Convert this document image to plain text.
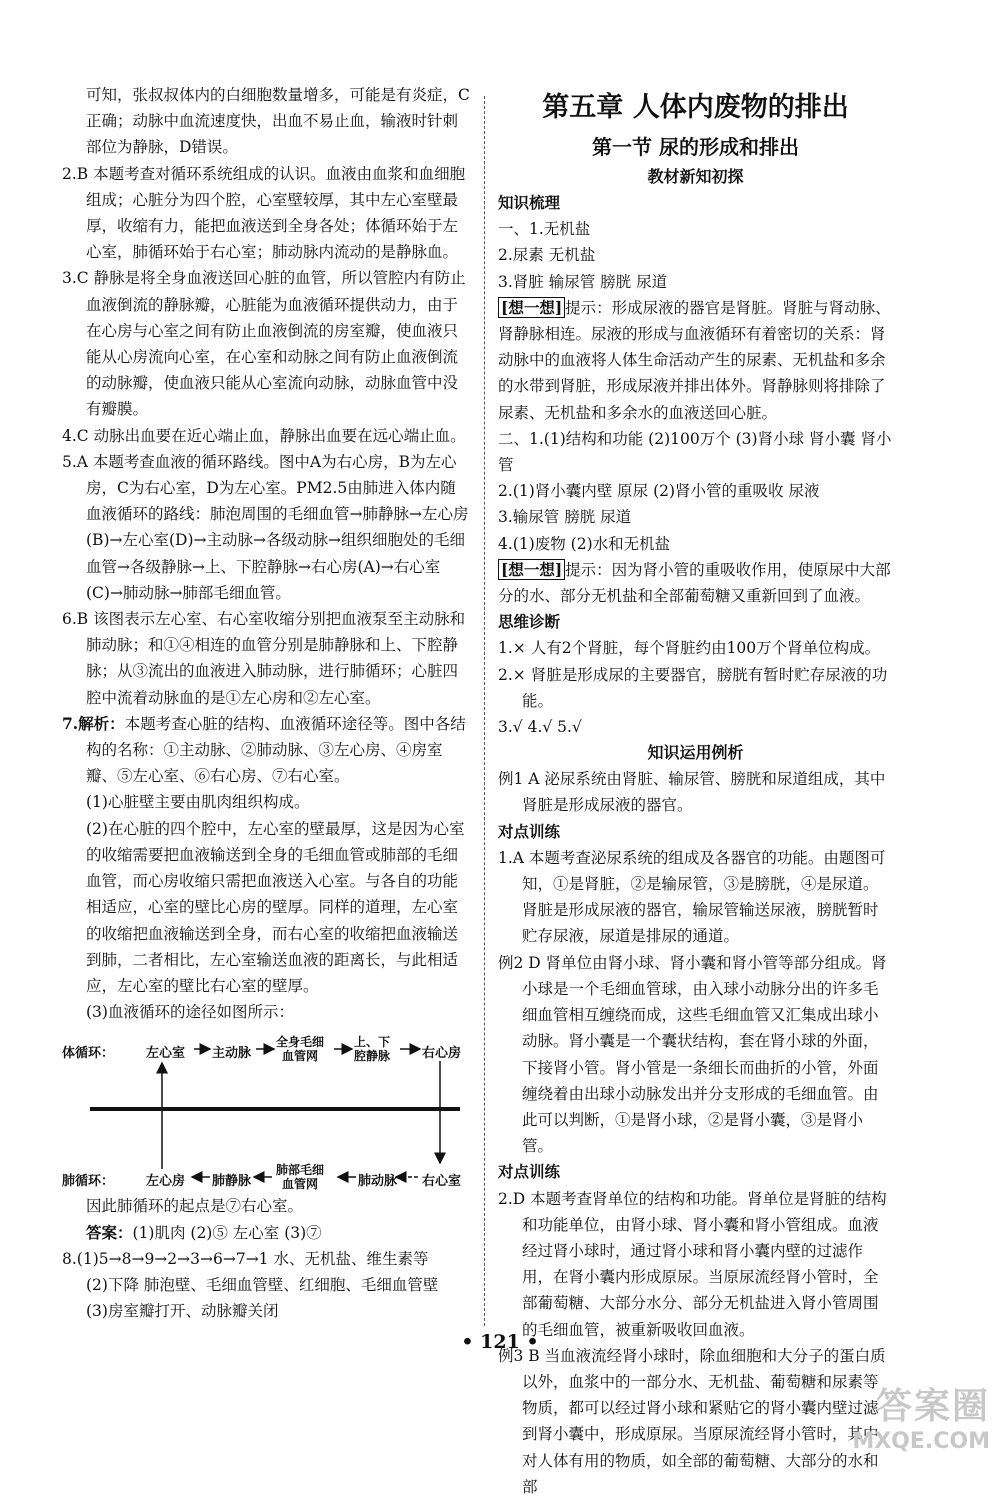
可知，张叔叔体内的白细胞数量增多，可能是有炎症，C正确；动脉中血流速度快，出血不易止血，输液时针刺部位为静脉，D错误。

2.B 本题考查对循环系统组成的认识。血液由血浆和血细胞组成；心脏分为四个腔，心室壁较厚，其中左心室壁最厚，收缩有力，能把血液送到全身各处；体循环始于左心室，肺循环始于右心室；肺动脉内流动的是静脉血。

3.C 静脉是将全身血液送回心脏的血管，所以管腔内有防止血液倒流的静脉瓣，心脏能为血液循环提供动力，由于在心房与心室之间有防止血液倒流的房室瓣，使血液只能从心房流向心室，在心室和动脉之间有防止血液倒流的动脉瓣，使血液只能从心室流向动脉，动脉血管中没有瓣膜。

4.C 动脉出血要在近心端止血，静脉出血要在远心端止血。

5.A 本题考查血液的循环路线。图中A为右心房，B为左心房，C为右心室，D为左心室。PM2.5由肺进入体内随血液循环的路线：肺泡周围的毛细血管→肺静脉→左心房(B)→左心室(D)→主动脉→各级动脉→组织细胞处的毛细血管→各级静脉→上、下腔静脉→右心房(A)→右心室(C)→肺动脉→肺部毛细血管。

6.B 该图表示左心室、右心室收缩分别把血液泵至主动脉和肺动脉；和①④相连的血管分别是肺静脉和上、下腔静脉；从③流出的血液进入肺动脉，进行肺循环；心脏四腔中流着动脉血的是①左心房和②左心室。

7.解析：本题考查心脏的结构、血液循环途径等。图中各结构的名称：①主动脉、②肺动脉、③左心房、④房室瓣、⑤左心室、⑥右心房、⑦右心室。

(1)心脏壁主要由肌肉组织构成。

(2)在心脏的四个腔中，左心室的壁最厚，这是因为心室的收缩需要把血液输送到全身的毛细血管或肺部的毛细血管，而心房收缩只需把血液送入心室。与各自的功能相适应，心室的壁比心房的壁厚。同样的道理，左心室的收缩把血液输送到全身，而右心室的收缩把血液输送到肺，二者相比，左心室输送血液的距离长，与此相适应，左心室的壁比右心室的壁厚。

(3)血液循环的途径如图所示：

体循环： 左心室 主动脉
全身毛细
血管网
上、下
腔静脉 右心房
肺循环： 左心房 肺静脉
肺部毛细
血管网	肺动脉 右心室

因此肺循环的起点是⑦右心室。

答案：(1)肌肉 (2)⑤ 左心室 (3)⑦

8.(1)5→8→9→2→3→6→7→1 水、无机盐、维生素等

(2)下降 肺泡壁、毛细血管壁、红细胞、毛细血管壁

(3)房室瓣打开、动脉瓣关闭

第五章 人体内废物的排出
第一节 尿的形成和排出
教材新知初探

知识梳理

一、1.无机盐

2.尿素 无机盐

3.肾脏 输尿管 膀胱 尿道

[想一想] 提示：形成尿液的器官是肾脏。肾脏与肾动脉、肾静脉相连。尿液的形成与血液循环有着密切的关系：肾动脉中的血液将人体生命活动产生的尿素、无机盐和多余的水带到肾脏，形成尿液并排出体外。肾静脉则将排除了尿素、无机盐和多余水的血液送回心脏。

二、1.(1)结构和功能 (2)100万个 (3)肾小球 肾小囊 肾小管

2.(1)肾小囊内壁 原尿 (2)肾小管的重吸收 尿液

3.输尿管 膀胱 尿道

4.(1)废物 (2)水和无机盐

[想一想] 提示：因为肾小管的重吸收作用，使原尿中大部分的水、部分无机盐和全部葡萄糖又重新回到了血液。

思维诊断

1.× 人有2个肾脏，每个肾脏约由100万个肾单位构成。

2.× 肾脏是形成尿的主要器官，膀胱有暂时贮存尿液的功能。

3.√ 4.√ 5.√

知识运用例析

例1 A 泌尿系统由肾脏、输尿管、膀胱和尿道组成，其中肾脏是形成尿液的器官。

对点训练

1.A 本题考查泌尿系统的组成及各器官的功能。由题图可知，①是肾脏，②是输尿管，③是膀胱，④是尿道。肾脏是形成尿液的器官，输尿管输送尿液，膀胱暂时贮存尿液，尿道是排尿的通道。

例2 D 肾单位由肾小球、肾小囊和肾小管等部分组成。肾小球是一个毛细血管球，由入球小动脉分出的许多毛细血管相互缠绕而成，这些毛细血管又汇集成出球小动脉。肾小囊是一个囊状结构，套在肾小球的外面，下接肾小管。肾小管是一条细长而曲折的小管，外面缠绕着由出球小动脉发出并分支形成的毛细血管。由此可以判断，①是肾小球，②是肾小囊，③是肾小管。

对点训练

2.D 本题考查肾单位的结构和功能。肾单位是肾脏的结构和功能单位，由肾小球、肾小囊和肾小管组成。血液经过肾小球时，通过肾小球和肾小囊内壁的过滤作用，在肾小囊内形成原尿。当原尿流经肾小管时，全部葡萄糖、大部分水分、部分无机盐进入肾小管周围的毛细血管，被重新吸收回血液。

例3 B 当血液流经肾小球时，除血细胞和大分子的蛋白质以外，血浆中的一部分水、无机盐、葡萄糖和尿素等物质，都可以经过肾小球和紧贴它的肾小囊内壁过滤到肾小囊中，形成原尿。当原尿流经肾小管时，其中对人体有用的物质，如全部的葡萄糖、大部分的水和部

• 121 •
答案圈
MXQE.COM
